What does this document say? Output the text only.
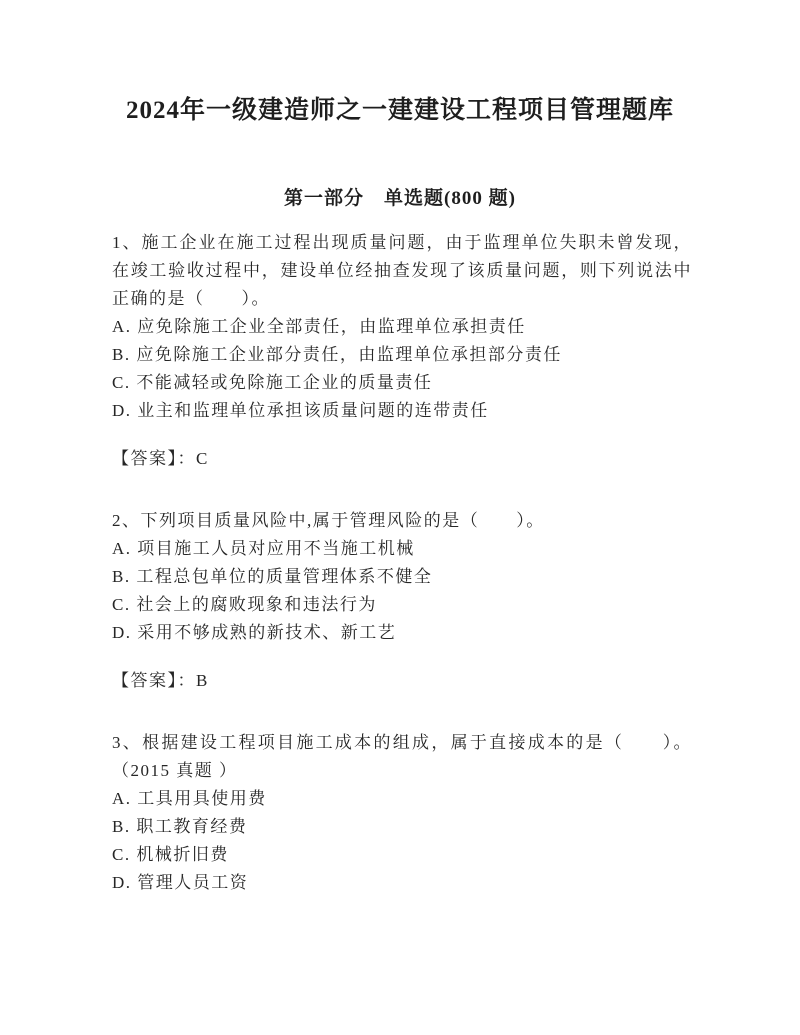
2024年一级建造师之一建建设工程项目管理题库
第一部分　单选题(800 题)

1、施工企业在施工过程出现质量问题，由于监理单位失职未曾发现，在竣工验收过程中，建设单位经抽查发现了该质量问题，则下列说法中正确的是（　　）。

A. 应免除施工企业全部责任，由监理单位承担责任

B. 应免除施工企业部分责任，由监理单位承担部分责任

C. 不能减轻或免除施工企业的质量责任

D. 业主和监理单位承担该质量问题的连带责任

【答案】：C

2、下列项目质量风险中,属于管理风险的是（　　）。

A. 项目施工人员对应用不当施工机械

B. 工程总包单位的质量管理体系不健全

C. 社会上的腐败现象和违法行为

D. 采用不够成熟的新技术、新工艺

【答案】：B

3、根据建设工程项目施工成本的组成，属于直接成本的是（　　）。（2015 真题 ）

A. 工具用具使用费

B. 职工教育经费

C. 机械折旧费

D. 管理人员工资
